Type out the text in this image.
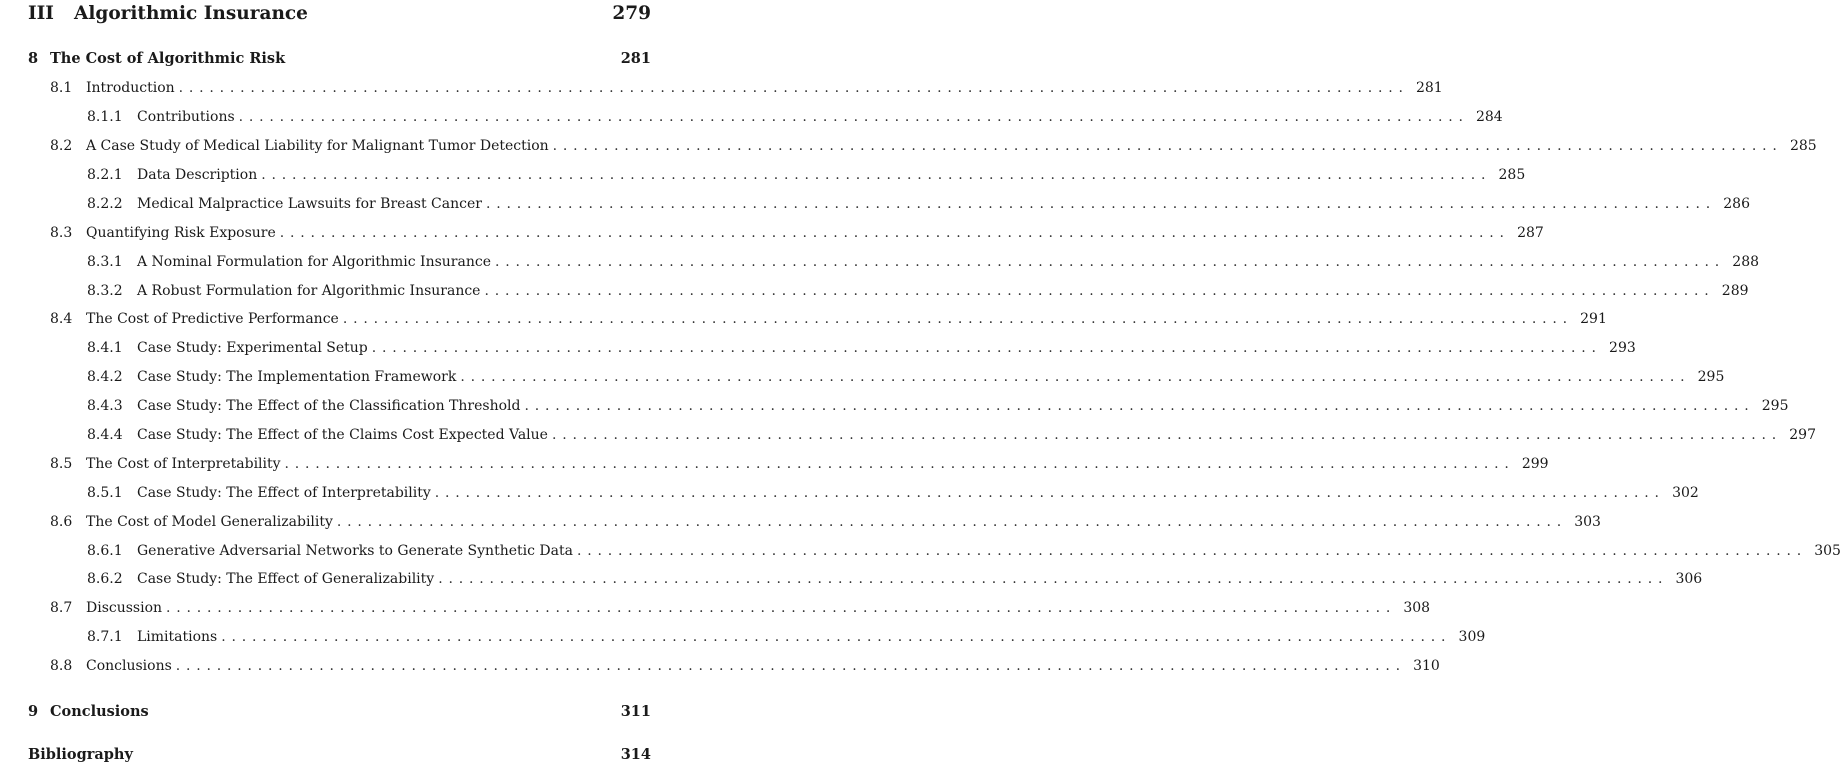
III	Algorithmic Insurance	279
8 The Cost of Algorithmic Risk	281
8.1 Introduction ........................................................................................................................ 281
8.1.1	Contributions ........................................................................................................................ 284
8.2 A Case Study of Medical Liability for Malignant Tumor Detection ........................................................................................................................ 285
8.2.1	Data Description ........................................................................................................................ 285
8.2.2	Medical Malpractice Lawsuits for Breast Cancer ........................................................................................................................ 286
8.3 Quantifying Risk Exposure ........................................................................................................................ 287
8.3.1	A Nominal Formulation for Algorithmic Insurance ........................................................................................................................ 288
8.3.2	A Robust Formulation for Algorithmic Insurance ........................................................................................................................ 289
8.4 The Cost of Predictive Performance ........................................................................................................................ 291
8.4.1	Case Study: Experimental Setup ........................................................................................................................ 293
8.4.2	Case Study: The Implementation Framework ........................................................................................................................ 295
8.4.3	Case Study: The Effect of the Classification Threshold ........................................................................................................................ 295
8.4.4	Case Study: The Effect of the Claims Cost Expected Value ........................................................................................................................ 297
8.5 The Cost of Interpretability ........................................................................................................................ 299
8.5.1	Case Study: The Effect of Interpretability ........................................................................................................................ 302
8.6 The Cost of Model Generalizability ........................................................................................................................ 303
8.6.1	Generative Adversarial Networks to Generate Synthetic Data ........................................................................................................................ 305
8.6.2	Case Study: The Effect of Generalizability ........................................................................................................................ 306
8.7 Discussion ........................................................................................................................ 308
8.7.1	Limitations ........................................................................................................................ 309
8.8 Conclusions ........................................................................................................................ 310
9 Conclusions	311
Bibliography	314
